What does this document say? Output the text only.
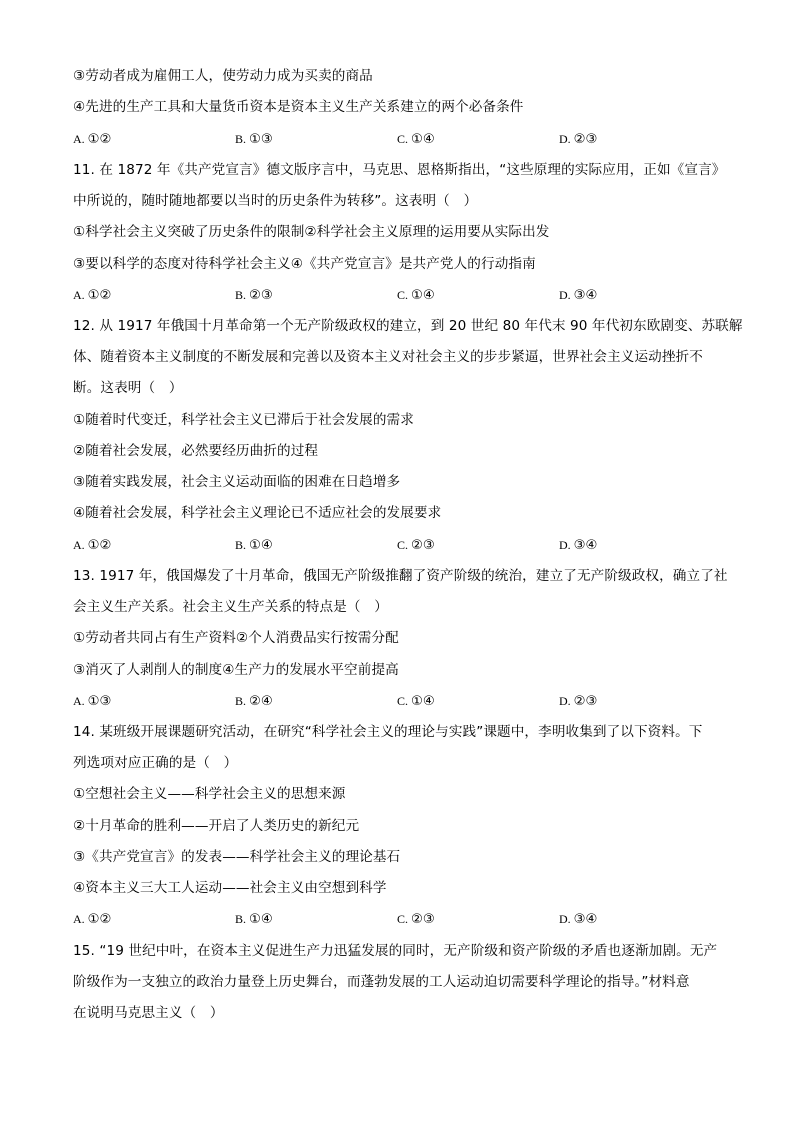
③劳动者成为雇佣工人，使劳动力成为买卖的商品
④先进的生产工具和大量货币资本是资本主义生产关系建立的两个必备条件
A. ①②	B. ①③	C. ①④	D. ②③
11. 在 1872 年《共产党宣言》德文版序言中，马克思、恩格斯指出，“这些原理的实际应用，正如《宣言》
中所说的，随时随地都要以当时的历史条件为转移”。这表明（　）
①科学社会主义突破了历史条件的限制②科学社会主义原理的运用要从实际出发
③要以科学的态度对待科学社会主义④《共产党宣言》是共产党人的行动指南
A. ①②	B. ②③	C. ①④	D. ③④
12. 从 1917 年俄国十月革命第一个无产阶级政权的建立，到 20 世纪 80 年代末 90 年代初东欧剧变、苏联解
体、随着资本主义制度的不断发展和完善以及资本主义对社会主义的步步紧逼，世界社会主义运动挫折不
断。这表明（　）
①随着时代变迁，科学社会主义已滞后于社会发展的需求
②随着社会发展，必然要经历曲折的过程
③随着实践发展，社会主义运动面临的困难在日趋增多
④随着社会发展，科学社会主义理论已不适应社会的发展要求
A. ①②	B. ①④	C. ②③	D. ③④
13. 1917 年，俄国爆发了十月革命，俄国无产阶级推翻了资产阶级的统治，建立了无产阶级政权，确立了社
会主义生产关系。社会主义生产关系的特点是（　）
①劳动者共同占有生产资料②个人消费品实行按需分配
③消灭了人剥削人的制度④生产力的发展水平空前提高
A. ①③	B. ②④	C. ①④	D. ②③
14. 某班级开展课题研究活动，在研究“科学社会主义的理论与实践”课题中，李明收集到了以下资料。下
列选项对应正确的是（　）
①空想社会主义——科学社会主义的思想来源
②十月革命的胜利——开启了人类历史的新纪元
③《共产党宣言》的发表——科学社会主义的理论基石
④资本主义三大工人运动——社会主义由空想到科学
A. ①②	B. ①④	C. ②③	D. ③④
15. “19 世纪中叶，在资本主义促进生产力迅猛发展的同时，无产阶级和资产阶级的矛盾也逐渐加剧。无产
阶级作为一支独立的政治力量登上历史舞台，而蓬勃发展的工人运动迫切需要科学理论的指导。”材料意
在说明马克思主义（　）
